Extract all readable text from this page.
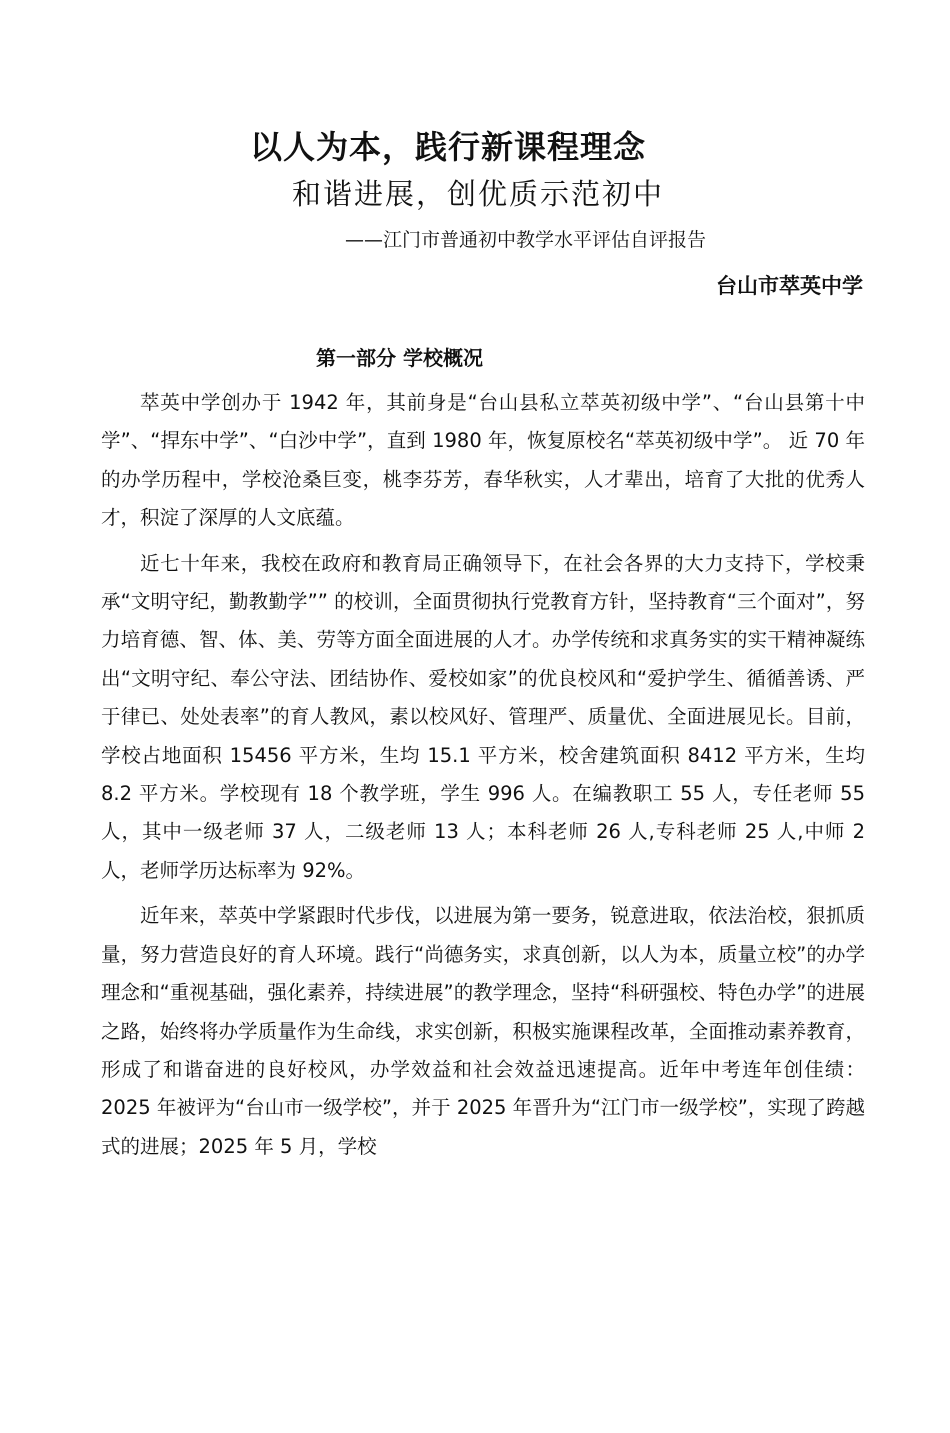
以人为本，践行新课程理念
和谐进展，创优质示范初中
——江门市普通初中教学水平评估自评报告
台山市萃英中学
第一部分 学校概况

萃英中学创办于 1942 年，其前身是“台山县私立萃英初级中学”、“台山县第十中学”、“捍东中学”、“白沙中学”，直到 1980 年，恢复原校名“萃英初级中学”。 近 70 年的办学历程中，学校沧桑巨变，桃李芬芳，春华秋实，人才辈出，培育了大批的优秀人才，积淀了深厚的人文底蕴。

近七十年来，我校在政府和教育局正确领导下，在社会各界的大力支持下，学校秉承“文明守纪，勤教勤学”” 的校训，全面贯彻执行党教育方针，坚持教育“三个面对”，努力培育德、智、体、美、劳等方面全面进展的人才。办学传统和求真务实的实干精神凝练出“文明守纪、奉公守法、团结协作、爱校如家”的优良校风和“爱护学生、循循善诱、严于律已、处处表率”的育人教风，素以校风好、管理严、质量优、全面进展见长。目前，学校占地面积 15456 平方米，生均 15.1 平方米，校舍建筑面积 8412 平方米，生均 8.2 平方米。学校现有 18 个教学班，学生 996 人。在编教职工 55 人，专任老师 55 人，其中一级老师 37 人，二级老师 13 人；本科老师 26 人,专科老师 25 人,中师 2 人，老师学历达标率为 92%。

近年来，萃英中学紧跟时代步伐，以进展为第一要务，锐意进取，依法治校，狠抓质量，努力营造良好的育人环境。践行“尚德务实，求真创新，以人为本，质量立校”的办学理念和“重视基础，强化素养，持续进展”的教学理念，坚持“科研强校、特色办学”的进展之路，始终将办学质量作为生命线，求实创新，积极实施课程改革，全面推动素养教育，形成了和谐奋进的良好校风，办学效益和社会效益迅速提高。近年中考连年创佳绩：2025 年被评为“台山市一级学校”，并于 2025 年晋升为“江门市一级学校”，实现了跨越式的进展；2025 年 5 月，学校
